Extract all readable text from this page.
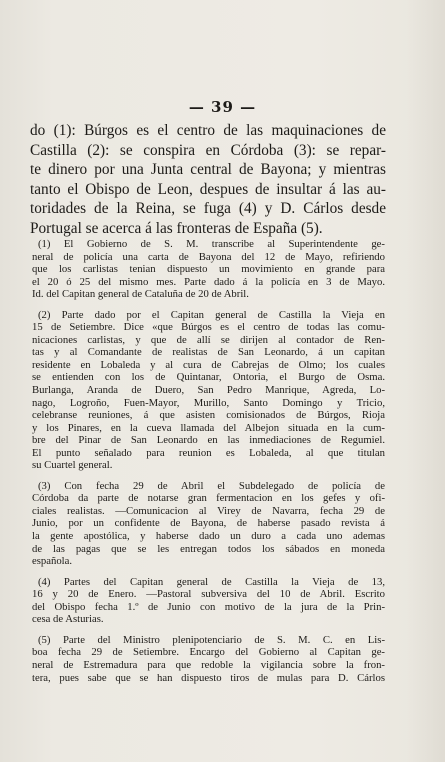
— 39 —
do (1): Búrgos es el centro de las maquinaciones de
Castilla (2): se conspira en Córdoba (3): se repar-
te dinero por una Junta central de Bayona; y mientras
tanto el Obispo de Leon, despues de insultar á las au-
toridades de la Reina, se fuga (4) y D. Cárlos desde
Portugal se acerca á las fronteras de España (5).
(1) El Gobierno de S. M. transcribe al Superintendente ge-
neral de policía una carta de Bayona del 12 de Mayo, refiriendo
que los carlistas tenian dispuesto un movimiento en grande para
el 20 ó 25 del mismo mes. Parte dado á la policía en 3 de Mayo.
Id. del Capitan general de Cataluña de 20 de Abril.
(2) Parte dado por el Capitan general de Castilla la Vieja en
15 de Setiembre. Dice «que Búrgos es el centro de todas las comu-
nicaciones carlistas, y que de allí se dirijen al contador de Ren-
tas y al Comandante de realistas de San Leonardo, á un capitan
residente en Lobaleda y al cura de Cabrejas de Olmo; los cuales
se entienden con los de Quintanar, Ontoria, el Burgo de Osma.
Burlanga, Aranda de Duero, San Pedro Manrique, Agreda, Lo-
nago, Logroño, Fuen-Mayor, Murillo, Santo Domingo y Tricio,
celebranse reuniones, á que asisten comisionados de Búrgos, Rioja
y los Pinares, en la cueva llamada del Albejon situada en la cum-
bre del Pinar de San Leonardo en las inmediaciones de Regumiel.
El punto señalado para reunion es Lobaleda, al que titulan
su Cuartel general.
(3) Con fecha 29 de Abril el Subdelegado de policía de
Córdoba da parte de notarse gran fermentacion en los gefes y ofi-
ciales realistas. —Comunicacion al Virey de Navarra, fecha 29 de
Junio, por un confidente de Bayona, de haberse pasado revista á
la gente apostólica, y haberse dado un duro a cada uno ademas
de las pagas que se les entregan todos los sábados en moneda
española.
(4) Partes del Capitan general de Castilla la Vieja de 13,
16 y 20 de Enero. —Pastoral subversiva del 10 de Abril. Escrito
del Obispo fecha 1.º de Junio con motivo de la jura de la Prin-
cesa de Asturias.
(5) Parte del Ministro plenipotenciario de S. M. C. en Lis-
boa fecha 29 de Setiembre. Encargo del Gobierno al Capitan ge-
neral de Estremadura para que redoble la vigilancia sobre la fron-
tera, pues sabe que se han dispuesto tiros de mulas para D. Cárlos
